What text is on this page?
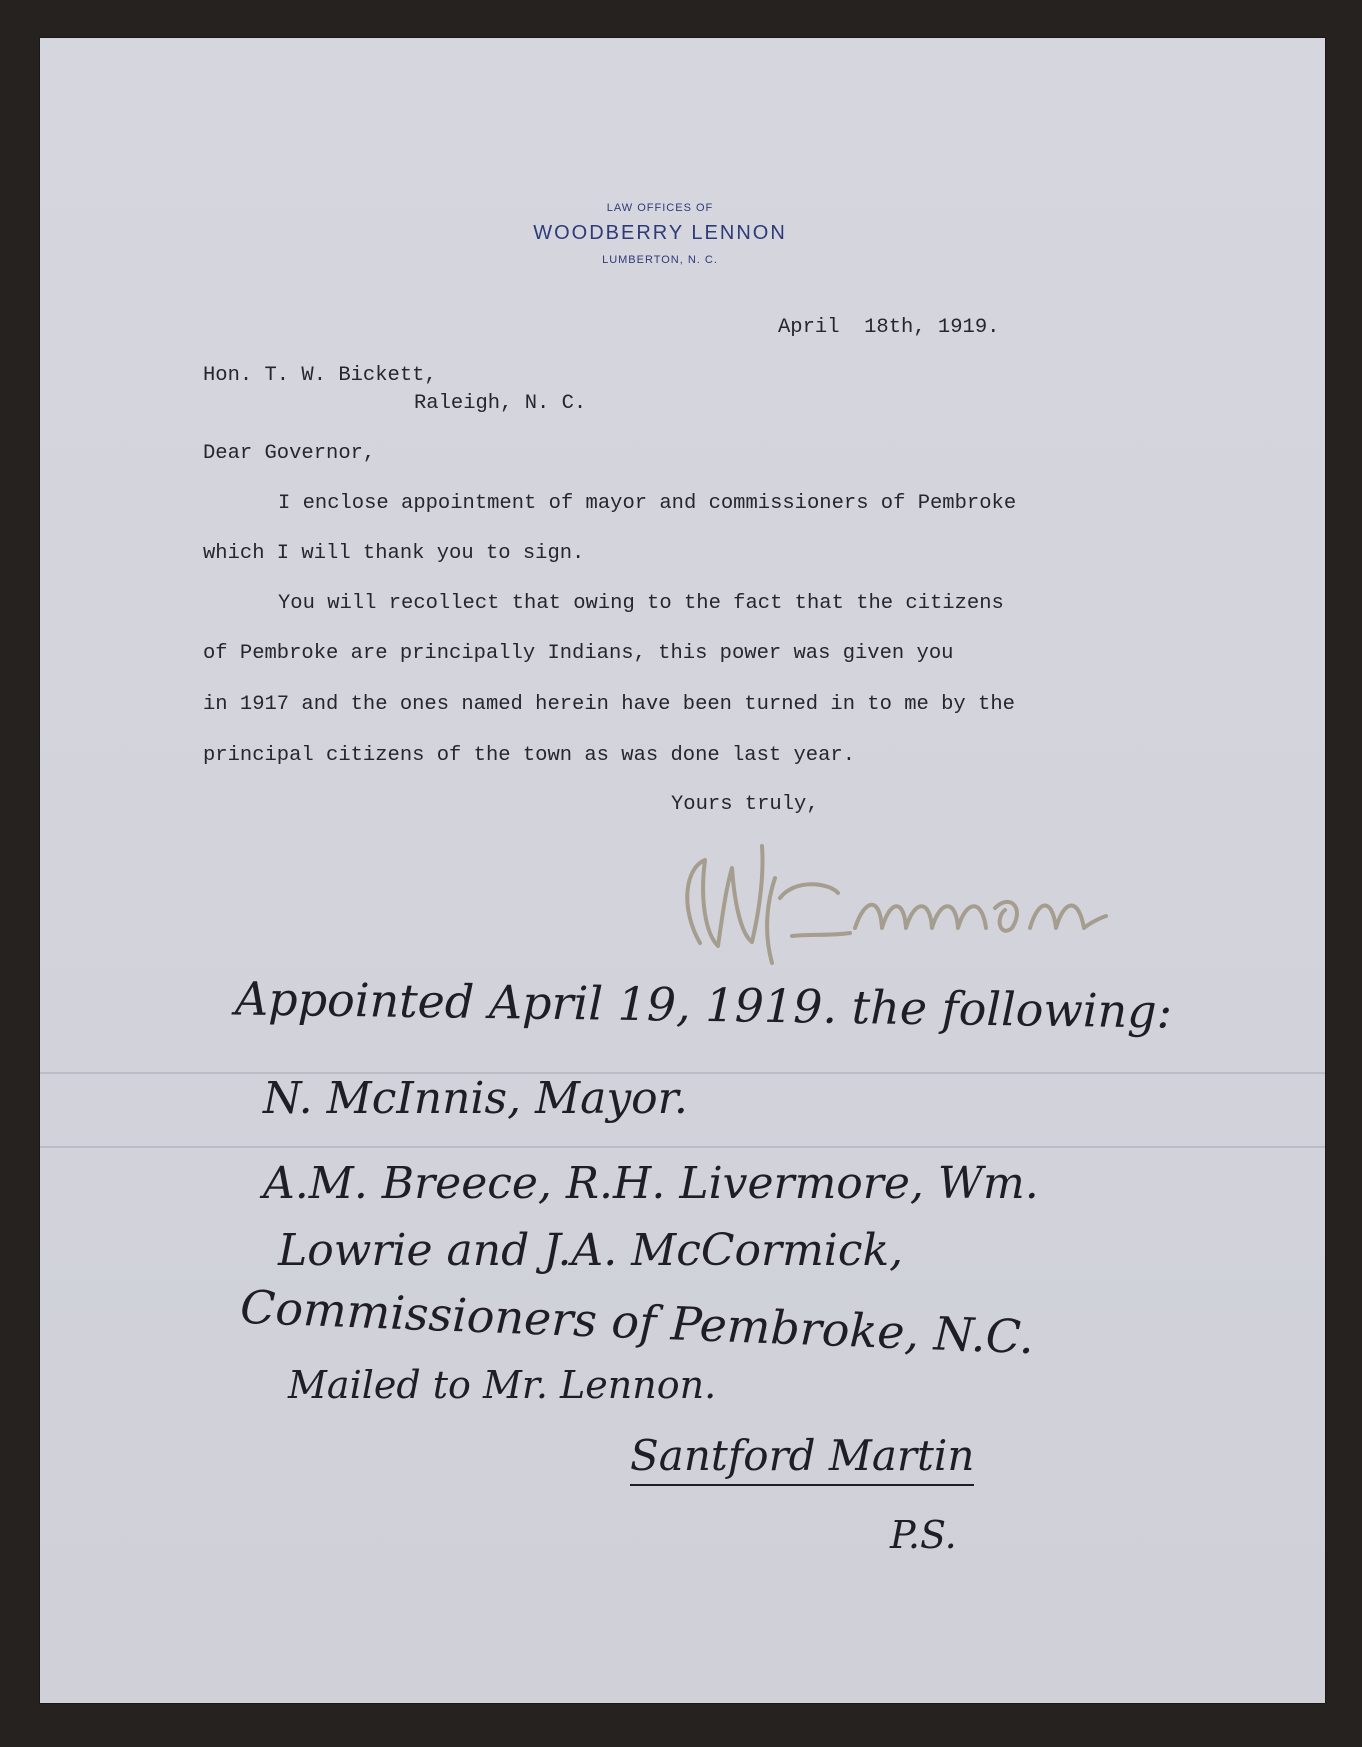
LAW OFFICES OF
WOODBERRY LENNON
LUMBERTON, N. C.
April  18th, 1919.
Hon. T. W. Bickett,
Raleigh, N. C.
Dear Governor,
I enclose appointment of mayor and commissioners of Pembroke
which I will thank you to sign.
You will recollect that owing to the fact that the citizens
of Pembroke are principally Indians, this power was given you
in 1917 and the ones named herein have been turned in to me by the
principal citizens of the town as was done last year.
Yours truly,
Appointed April 19, 1919. the following:
N. McInnis, Mayor.
A.M. Breece, R.H. Livermore, Wm.
Lowrie and J.A. McCormick,
Commissioners of Pembroke, N.C.
Mailed to Mr. Lennon.
Santford Martin
P.S.
